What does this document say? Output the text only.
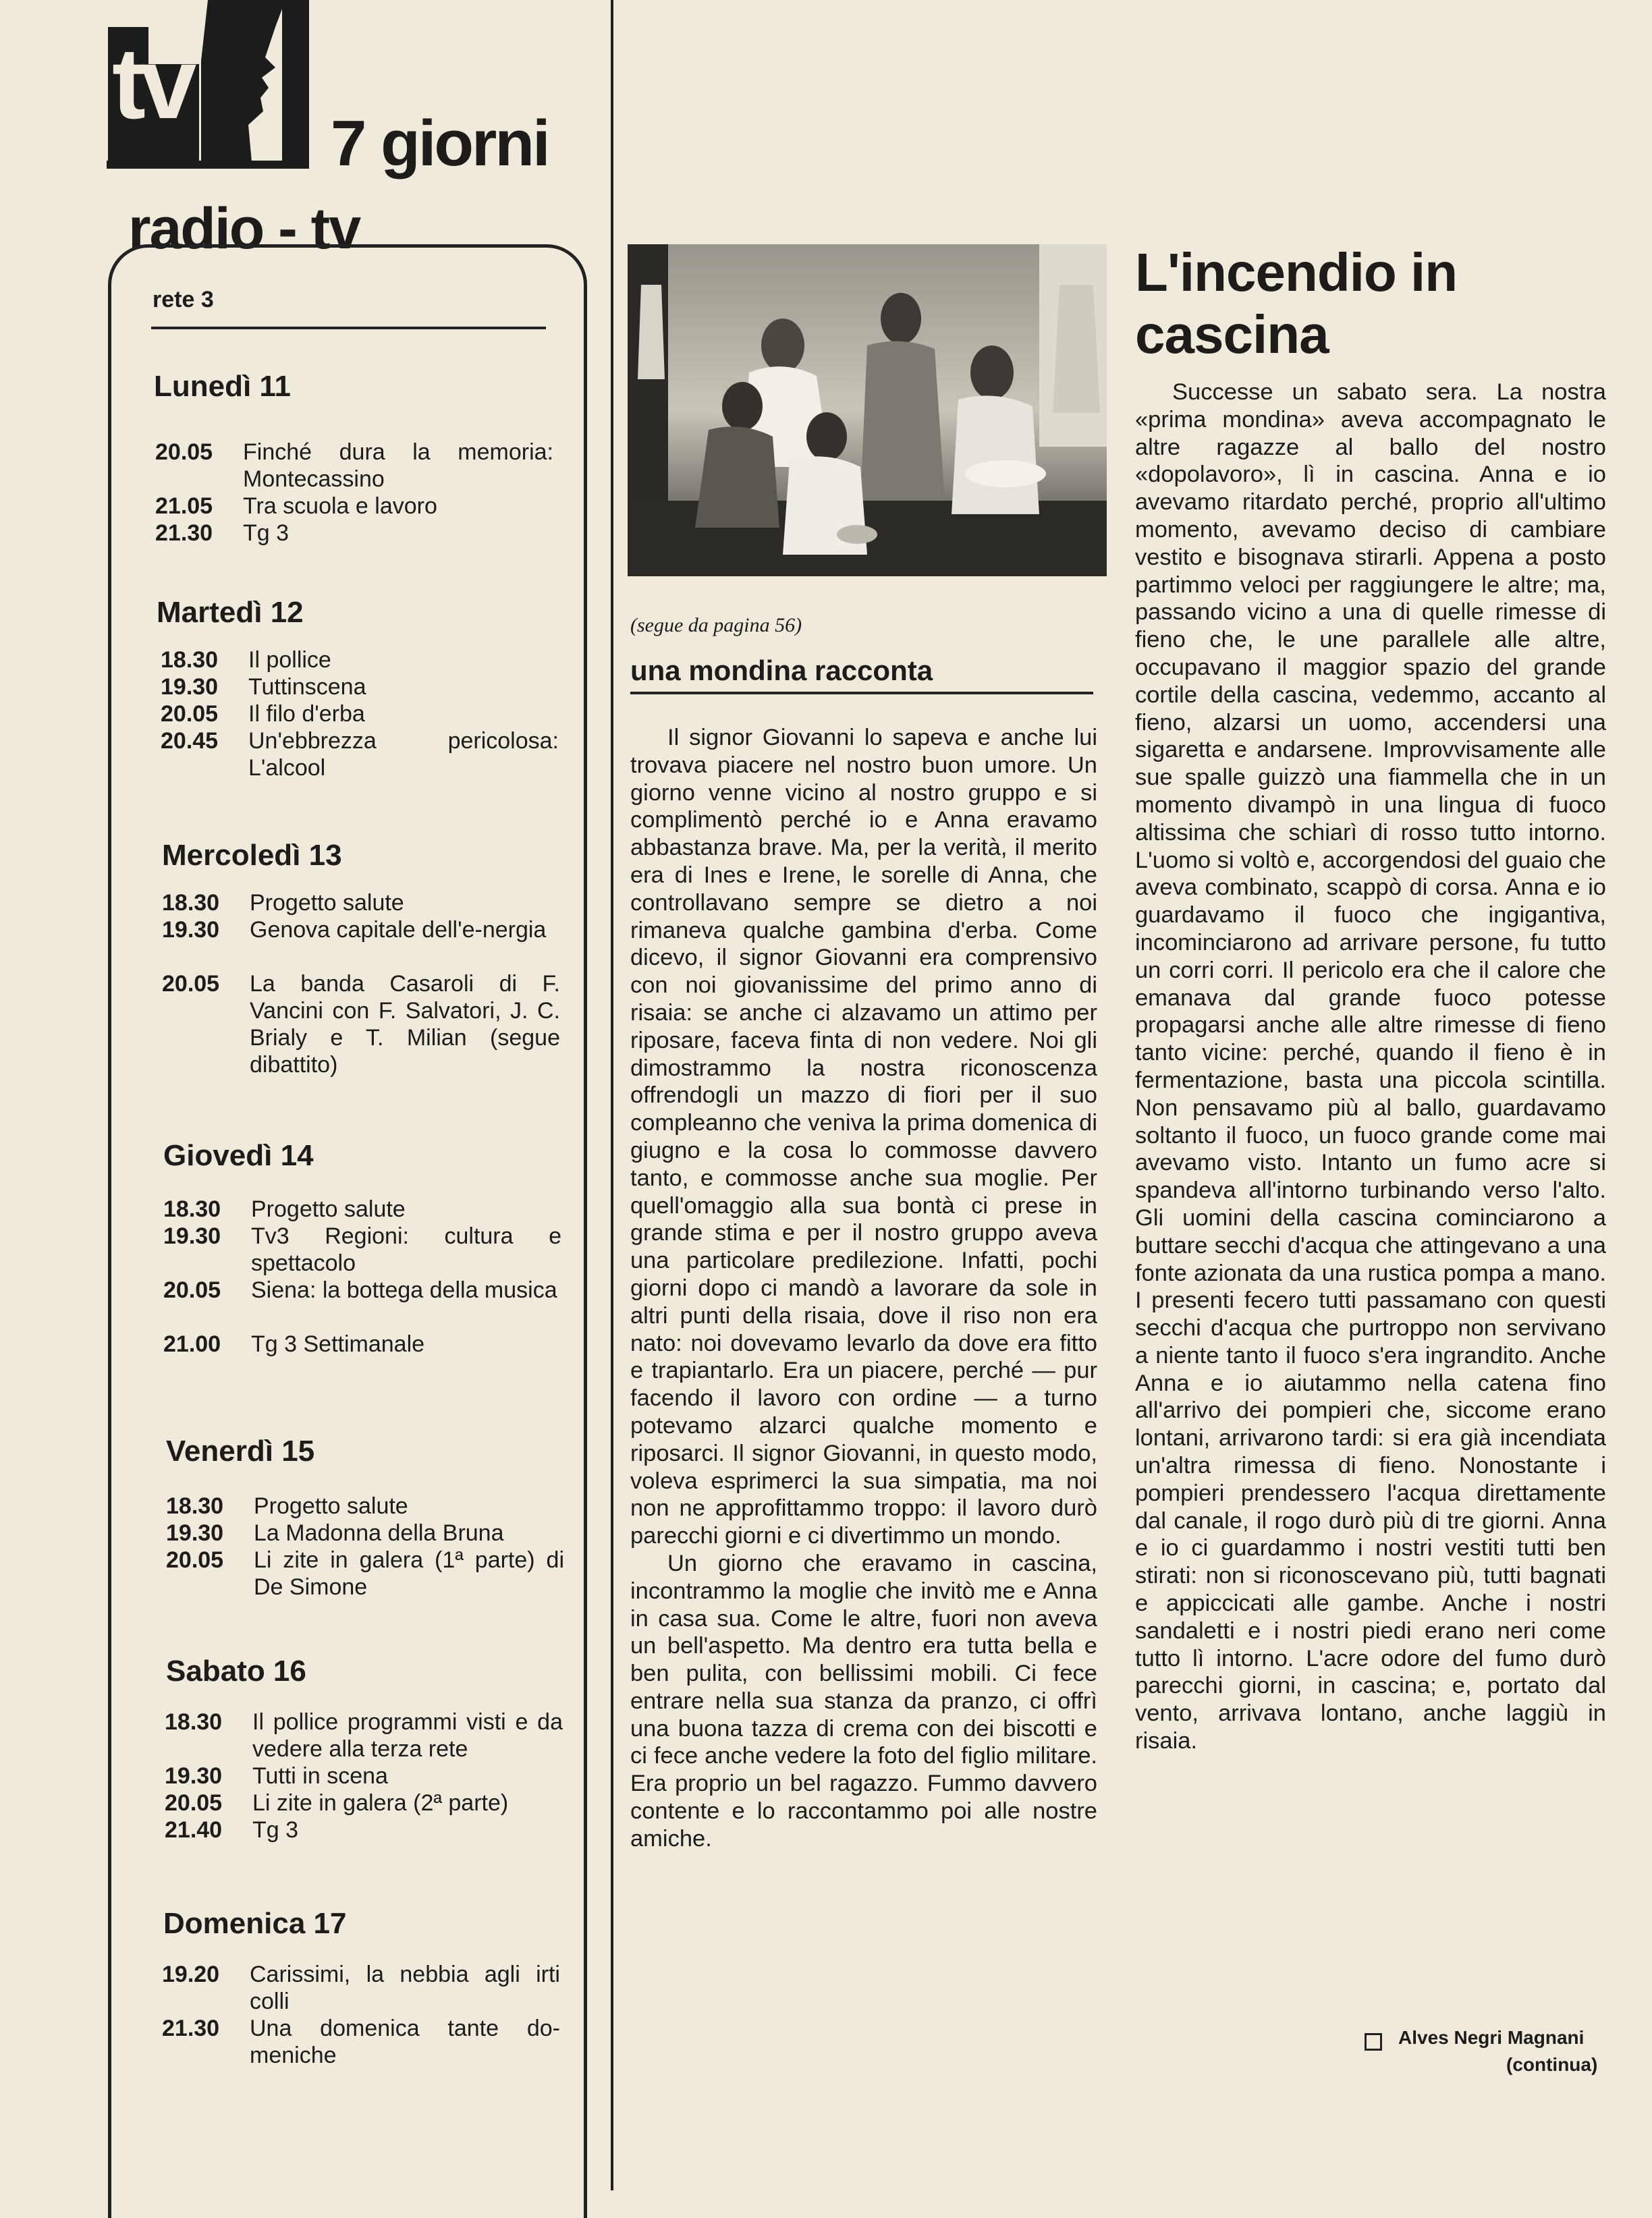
tv
7 giorni
radio - tv
rete 3
Lunedì 11
20.05 Finché dura la memoria: Montecassino
21.05 Tra scuola e lavoro
21.30 Tg 3
Martedì 12
18.30 Il pollice
19.30 Tuttinscena
20.05 Il filo d'erba
20.45 Un'ebbrezza pericolosa: L'alcool
Mercoledì 13
18.30 Progetto salute
19.30 Genova capitale dell'e-nergia
20.05 La banda Casaroli di F. Vancini con F. Salvatori, J. C. Brialy e T. Milian (segue dibattito)
Giovedì 14
18.30 Progetto salute
19.30 Tv3 Regioni: cultura e spettacolo
20.05 Siena: la bottega della musica
21.00 Tg 3 Settimanale
Venerdì 15
18.30 Progetto salute
19.30 La Madonna della Bruna
20.05 Li zite in galera (1ª parte) di De Simone
Sabato 16
18.30 Il pollice programmi visti e da vedere alla terza rete
19.30 Tutti in scena
20.05 Li zite in galera (2ª parte)
21.40 Tg 3
Domenica 17
19.20 Carissimi, la nebbia agli irti colli
21.30 Una domenica tante do-meniche
(segue da pagina 56)
una mondina racconta

Il signor Giovanni lo sapeva e anche lui trovava piacere nel nostro buon umore. Un giorno venne vicino al nostro gruppo e si complimentò perché io e Anna eravamo abbastanza brave. Ma, per la verità, il merito era di Ines e Irene, le sorelle di Anna, che controllavano sempre se dietro a noi rimaneva qualche gambina d'erba. Come dicevo, il signor Giovanni era comprensivo con noi giovanissime del primo anno di risaia: se anche ci alzavamo un attimo per riposare, faceva finta di non vedere. Noi gli dimostrammo la nostra riconoscenza offrendogli un mazzo di fiori per il suo compleanno che veniva la prima domenica di giugno e la cosa lo commosse davvero tanto, e commosse anche sua moglie. Per quell'omaggio alla sua bontà ci prese in grande stima e per il nostro gruppo aveva una particolare predilezione. Infatti, pochi giorni dopo ci mandò a lavorare da sole in altri punti della risaia, dove il riso non era nato: noi dovevamo levarlo da dove era fitto e trapiantarlo. Era un piacere, perché — pur facendo il lavoro con ordine — a turno potevamo alzarci qualche momento e riposarci. Il signor Giovanni, in questo modo, voleva esprimerci la sua simpatia, ma noi non ne approfittammo troppo: il lavoro durò parecchi giorni e ci divertimmo un mondo.

Un giorno che eravamo in cascina, incontrammo la moglie che invitò me e Anna in casa sua. Come le altre, fuori non aveva un bell'aspetto. Ma dentro era tutta bella e ben pulita, con bellissimi mobili. Ci fece entrare nella sua stanza da pranzo, ci offrì una buona tazza di crema con dei biscotti e ci fece anche vedere la foto del figlio militare. Era proprio un bel ragazzo. Fummo davvero contente e lo raccontammo poi alle nostre amiche.

L'incendio in cascina

Successe un sabato sera. La nostra «prima mondina» aveva accompagnato le altre ragazze al ballo del nostro «dopolavoro», lì in cascina. Anna e io avevamo ritardato perché, proprio all'ultimo momento, avevamo deciso di cambiare vestito e bisognava stirarli. Appena a posto partimmo veloci per raggiungere le altre; ma, passando vicino a una di quelle rimesse di fieno che, le une parallele alle altre, occupavano il maggior spazio del grande cortile della cascina, vedemmo, accanto al fieno, alzarsi un uomo, accendersi una sigaretta e andarsene. Improvvisamente alle sue spalle guizzò una fiammella che in un momento divampò in una lingua di fuoco altissima che schiarì di rosso tutto intorno. L'uomo si voltò e, accorgendosi del guaio che aveva combinato, scappò di corsa. Anna e io guardavamo il fuoco che ingigantiva, incominciarono ad arrivare persone, fu tutto un corri corri. Il pericolo era che il calore che emanava dal grande fuoco potesse propagarsi anche alle altre rimesse di fieno tanto vicine: perché, quando il fieno è in fermentazione, basta una piccola scintilla. Non pensavamo più al ballo, guardavamo soltanto il fuoco, un fuoco grande come mai avevamo visto. Intanto un fumo acre si spandeva all'intorno turbinando verso l'alto. Gli uomini della cascina cominciarono a buttare secchi d'acqua che attingevano a una fonte azionata da una rustica pompa a mano. I presenti fecero tutti passamano con questi secchi d'acqua che purtroppo non servivano a niente tanto il fuoco s'era ingrandito. Anche Anna e io aiutammo nella catena fino all'arrivo dei pompieri che, siccome erano lontani, arrivarono tardi: si era già incendiata un'altra rimessa di fieno. Nonostante i pompieri prendessero l'acqua direttamente dal canale, il rogo durò più di tre giorni. Anna e io ci guardammo i nostri vestiti tutti ben stirati: non si riconoscevano più, tutti bagnati e appiccicati alle gambe. Anche i nostri sandaletti e i nostri piedi erano neri come tutto lì intorno. L'acre odore del fumo durò parecchi giorni, in cascina; e, portato dal vento, arrivava lontano, anche laggiù in risaia.

Alves Negri Magnani
(continua)
